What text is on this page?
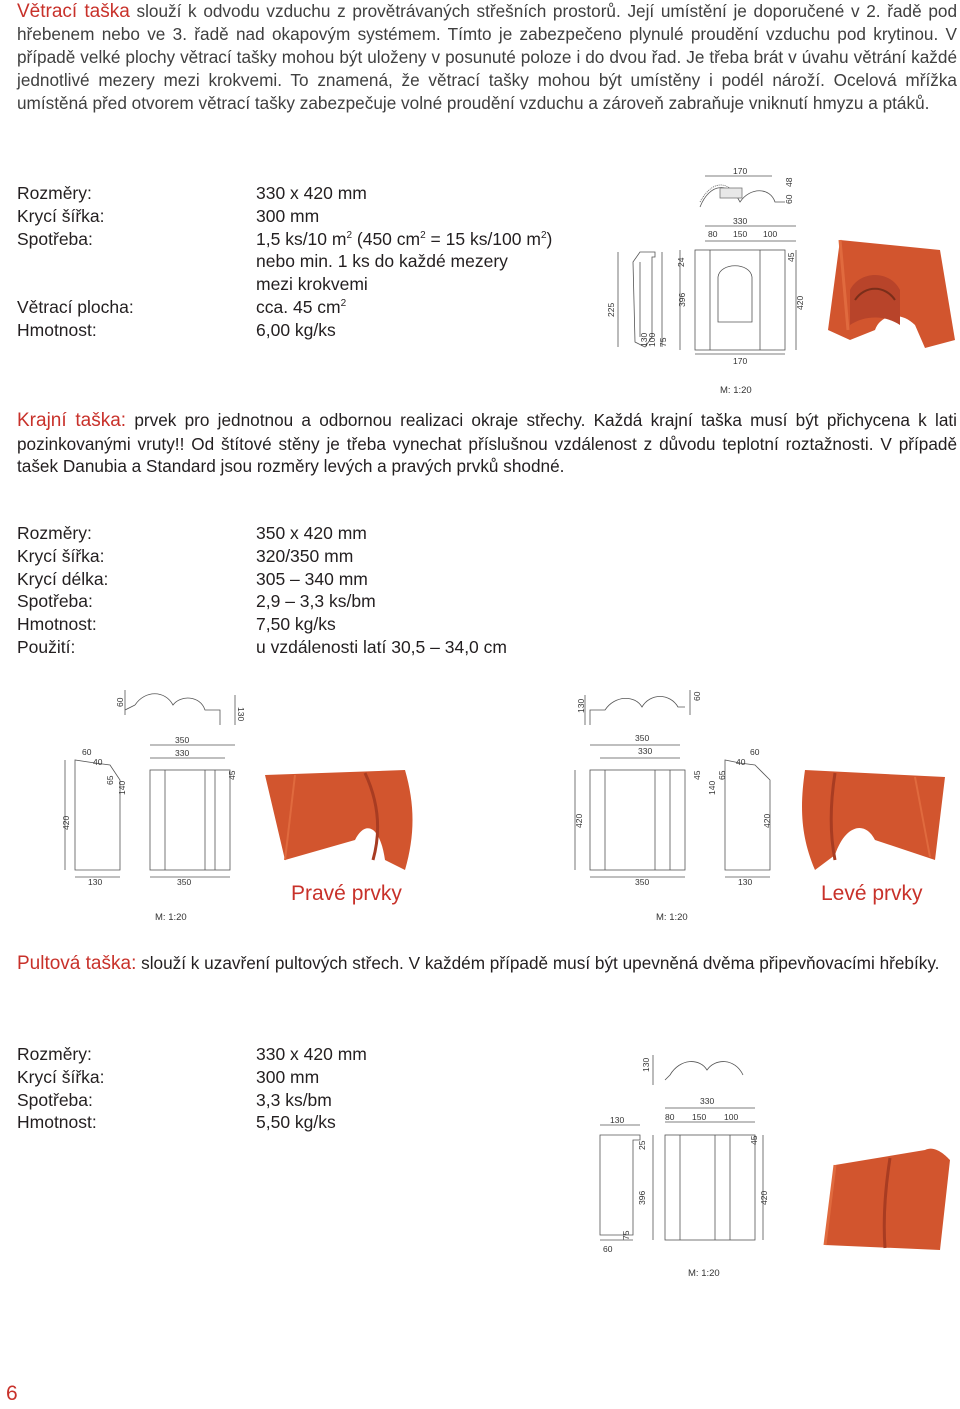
Větrací taška slouží k odvodu vzduchu z provětrávaných střešních prostorů. Její umístění je doporučené v 2. řadě pod hřebenem nebo ve 3. řadě nad okapovým systémem. Tímto je zabezpečeno plynulé proudění vzduchu pod krytinou. V případě velké plochy větrací tašky mohou být uloženy v posunuté poloze i do dvou řad. Je třeba brát v úvahu větrání každé jednotlivé mezery mezi krokvemi. To znamená, že větrací tašky mohou být umístěny i podél nároží. Ocelová mřížka umístěná před otvorem větrací tašky zabezpečuje volné proudění vzduchu a zároveň zabraňuje vniknutí hmyzu a ptáků.

Rozměry:	330 x 420 mm
Krycí šířka:	300 mm
Spotřeba:	1,5 ks/10 $m^2$ (450 $cm^2 = 15$ ks/100 $m^2$)
nebo min. 1 ks do každé mezery
mezi krokvemi
Větrací plocha:	cca. 45 $cm^2$
Hmotnost:	6,00 kg/ks
170
60
48
330
80 150 100
24
45
225
396	420
130
100 75
170
M: 1:20

Krajní taška: prvek pro jednotnou a odbornou realizaci okraje střechy. Každá krajní taška musí být přichycena k lati pozinkovanými vruty!! Od štítové stěny je třeba vynechat příslušnou vzdálenost z důvodu teplotní roztažnosti. V případě tašek Danubia a Standard jsou rozměry levých a pravých prvků shodné.

Rozměry:	350 x 420 mm
Krycí šířka:	320/350 mm
Krycí délka:	305 – 340 mm
Spotřeba:	2,9 – 3,3 ks/bm
Hmotnost:	7,50 kg/ks
Použití:	u vzdálenosti latí 30,5 – 34,0 cm
60
130
350
330
60
40
65
140
45
420
130	350	Pravé prvky
M: 1:20
130
60
350
330	60
40
45 65
140
420	420
350	130	Levé prvky
M: 1:20

Pultová taška: slouží k uzavření pultových střech. V každém případě musí být upevněná dvěma připevňovacími hřebíky.

Rozměry:	330 x 420 mm
Krycí šířka:	300 mm
Spotřeba:	3,3 ks/bm
Hmotnost:	5,50 kg/ks
130
330
130	80 150 100
25
45
396	420
75
60
M: 1:20
6
